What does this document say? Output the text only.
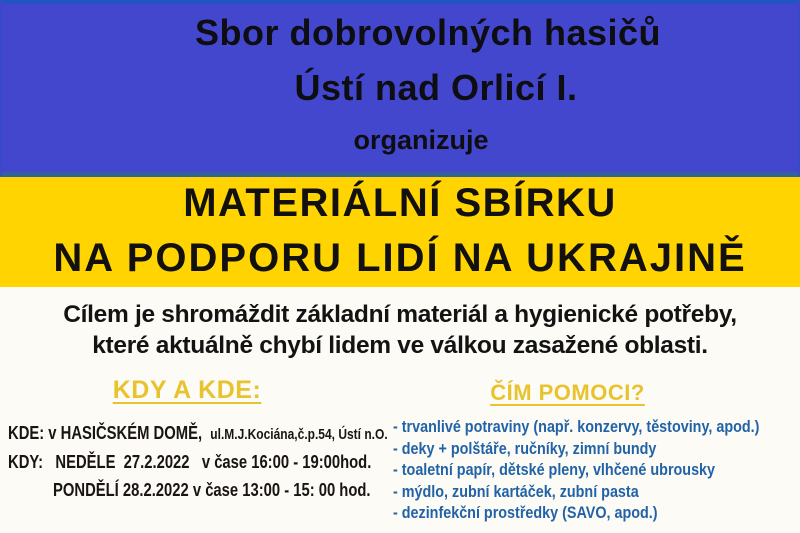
Sbor dobrovolných hasičů
Ústí nad Orlicí I.
organizuje
MATERIÁLNÍ SBÍRKU
NA PODPORU LIDÍ NA UKRAJINĚ
Cílem je shromáždit základní materiál a hygienické potřeby,
které aktuálně chybí lidem ve válkou zasažené oblasti.
KDY A KDE:
KDE: v HASIČSKÉM DOMĚ,  ul.M.J.Kociána,č.p.54, Ústí n.O.
KDY:   NEDĚLE  27.2.2022   v čase 16:00 - 19:00hod.
PONDĚLÍ 28.2.2022 v čase 13:00 - 15: 00 hod.
ČÍM POMOCI?
- trvanlivé potraviny (např. konzervy, těstoviny, apod.)
- deky + polštáře, ručníky, zimní bundy
- toaletní papír, dětské pleny, vlhčené ubrousky
- mýdlo, zubní kartáček, zubní pasta
- dezinfekční prostředky (SAVO, apod.)
